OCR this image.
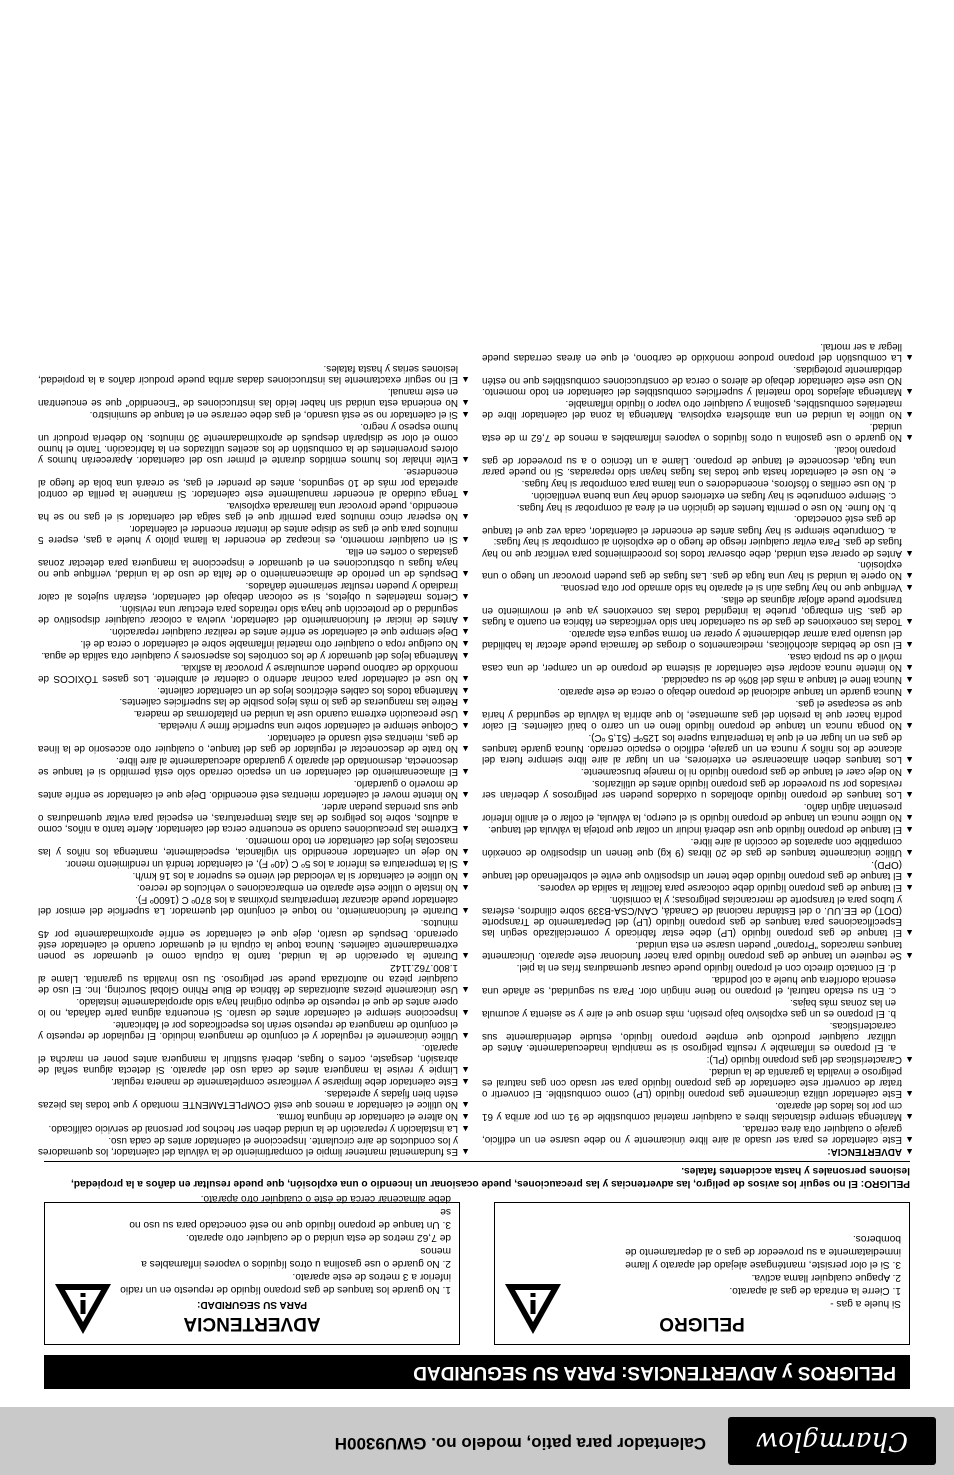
Charmglow
Calentador para patio, modelo no. GWU9300H
PELIGROS y ADVERTENCIAS: PARA SU SEGURIDAD
PELIGRO
Si huele a gas -
1. Cierre la entrada de gas al aparato.
2. Apague cualquier llama activa.
3. Si el olor persiste, manténgase alejado del aparato y llame
inmediatamente a su proveedor de gas o al departamento de
bomberos.
ADVERTENCIA
PARA SU SEGURIDAD:
1. No guarde los tanques de gas propano líquido de repuesto en un radio
inferior a 3 metros de este aparato.
2. No guarde o use gasolina u otros líquidos o vapores inflamables a menos
de 7,62 metros de esta unidad o de cualquier otro aparato.
3. Un tanque de propano líquido que no esté conectado para su uso no se
debe almacenar cerca de éste o cualquier otro aparato.
PELIGRO: El no seguir los avisos de peligro, las advertencias y las precauciones, puede ocasionar un incendio o una explosión, que puede resultar en daños a la propiedad, lesiones personales y hasta accidentes fatales.

▲
ADVERTENCIA:

▲
Este calentador es para ser usado al aire libre únicamente y no debe usarse en un edificio, garaje o cualquier otra área cerrada.

▲
Mantenga siempre distancias libres a cualquier material combustible de 91 cm por arriba y 61 cm por los lados del aparato.

▲
Este calentador utiliza únicamente gas propano líquido (LP) como combustible. El convertir o tratar de convertir este calentador de gas propano líquido para ser usado con gas natural es peligroso e invalida la garantía de la unidad.

▲
Características del gas propano líquido (PL):

a. El propano es inflamable y resulta peligroso si se manipula inadecuadamente. Antes de utilizar cualquier producto que emplee propano líquido, estudie detenidamente sus características.

b. El propano es un gas explosivo bajo presión, más denso que el aire y se asienta y acumula en las zonas más bajas.

c. En su estado natural, el propano no tiene ningún olor. Para su seguridad, se añade una esencia odorífera que huele a col podrida.

d. El contacto directo con el propano líquido puede causar quemaduras frías en la piel.

▲
Se requiere un tanque de gas propano líquido para hacer funcionar este aparato. Únicamente tanques marcados "Propano" pueden usarse en esta unidad.

▲
El tanque de gas propano líquido (LP) debe estar fabricado y comercializado según las Especificaciones para tanques de gas propano líquido (LP) del Departamento de Transporte (DOT) de EE.UU. o del Estándar nacional de Canadá, CAN/CSA-B339 sobre cilindros, esferas y tubos para el transporte de mercancías peligrosas; y la comisión.

▲
El tanque de gas propano líquido debe colocarse para facilitar la salida de vapores.

▲
El tanque de gas propano líquido debe tener un dispositivo que evite el sobrellenado del tanque (OPD).

▲
Utilice únicamente tanques de gas de 20 libras (9 kg) que tienen un dispositivo de conexión compatible con aparatos de cocción al aire libre.

▲
El tanque de propano líquido que use deberá incluir un collar que proteja la válvula del tanque.

▲
No utilice nunca un tanque de propano líquido si el cuerpo, la válvula, el collar o el anillo inferior presentan algún daño.

▲
Los tanques de propano líquido abollados u oxidados pueden ser peligrosos y deberían ser revisados por su proveedor de gas propano líquido antes de utilizarlos.

▲
No deje caer el tanque de gas propano líquido ni lo maneje bruscamente.

▲
Los tanques deben almacenarse en exteriores, en un lugar al aire libre siempre fuera del alcance de los niños y nunca en un garaje, edificio o espacio cerrado. Nunca guarde tanques de gas en un lugar en el que la temperatura supere los 125ºF (51,5 ºC).

▲
No ponga nunca un tanque de propano líquido lleno en un carro o baúl calientes. El calor podría hacer que la presión del gas aumentase, lo que abriría la válvula de seguridad y haría que se escapase el gas.

▲
Nunca guarde un tanque adicional de propano debajo o cerca de este aparato.

▲
Nunca llene el tanque a más del 80% de su capacidad.

▲
No intente nunca acoplar este calentador al sistema de propano de un camper, de una casa móvil o de su propia casa.

▲
El uso de bebidas alcohólicas, medicamentos o drogas de farmacia puede afectar la habilidad del usuario para armar debidamente y operar en forma segura esta aparato.

▲
Todas las conexiones de gas de su calentador han sido verificadas en fábrica en cuanto a fugas de gas. Sin embargo, pruebe la integridad todas las conexiones ya que el movimiento en transporte puede aflojar algunas de ellas.

▲
Verifique que no hay fugas aún si el aparato ha sido armado por otra persona.

▲
No opere la unidad si hay una fuga de gas. Las fugas de gas pueden provocar un fuego o una explosión.

▲
Antes de operar esta unidad, debe observar todos los procedimientos para verificar que no hay fugas de gas. Para evitar cualquier riesgo de fuego o de explosión al comprobar si hay fugas:

a. Compruebe siempre si hay fugas antes de encender el calentador, cada vez que el tanque de gas esté conectado.

b. No fume. No use o permita fuentes de ignición en el área al comprobar si hay fugas.

c. Siempre compruebe si hay fugas en exteriores donde hay una buena ventilación.

d. No use cerillas o fósforos, encendedores o una llama para comprobar si hay fugas.

e. No use el calentador hasta que todas las fugas hayan sido reparadas. Si no puede parar una fuga, desconecte el tanque de propano. Llame a un técnico o a su proveedor de gas propano local.

▲
No guarde o use gasolina u otros líquidos o vapores inflamables a menos de 7,62 m de esta unidad.

▲
No utilice la unidad en una atmósfera explosiva. Mantenga la zona del calentador libre de materiales combustibles, gasolina y cualquier otro vapor o líquido inflamable.

▲
Mantenga alejados todo material y superficies combustibles del calentador en todo momento. NO use este calentador debajo de aleros o cerca de construcciones combustibles que no estén debidamente protegidas.

▲
La combustión del propano produce monóxido de carbono, el que en áreas cerradas puede llegar a ser mortal.

▲
Es fundamental mantener limpio el compartimiento de la válvula del calentador, los quemadores y los conductos de aire circulante. Inspeccione el calentador antes de cada uso.

▲
La instalación y reparación de la unidad deben ser hechos por personal de servicio calificado.

▲
No altere el calentador de ninguna forma.

▲
No utilice el calentador a menos que esté COMPLETAMENTE montado y que todas las piezas estén bien fijadas y apretadas.

▲
Este calentador debe limpiarse y verificarse completamente de manera regular.

▲
Limpie y revise la manguera antes de cada uso del aparato. Si detecta alguna señal de abrasión, desgaste, cortes o fugas, deberá sustituir la manguera antes poner en marcha el aparato.

▲
Utilice únicamente el regulador y el conjunto de manguera incluido. El regulador de repuesto y el conjunto de manguera de repuesto serán los especificados por el fabricante.

▲
Inspeccione siempre el calentador antes de usarlo. Si encuentra alguna parte dañada, no lo opere antes de que el repuesto de equipo original haya sido apropiadamente instalado.

▲
Use únicamente piezas autorizadas de fábrica de Blue Rhino Global Sourcing, Inc. El uso de cualquier pieza no autorizada puede ser peligroso. Su uso invalida su garantía. Llame al 1.800.762.1142

▲
Durante la operación de la unidad, tanto la cúpula como el quemador se ponen extremadamente calientes. Nunca toque la cúpula ni el quemador cuando el calentador esté operando. Después de usarlo, deje que el calentador se enfríe aproximadamente por 45 minutos.

▲
Durante el funcionamiento, no toque el conjunto del quemador. La superficie del emisor del calentador puede alcanzar temperaturas próximas a los 870º C (1600º F).

▲
No instale o utilice este aparato en embarcaciones o vehículos de recreo.

▲
No utilice el calentador si la velocidad del viento es superior a los 16 km/h.

▲
Si la temperatura es inferior a los 5º C (40º F), el calentador tendrá un rendimiento menor.

▲
No deje un calentador encendido sin vigilancia, especialmente, mantenga los niños y las mascotas lejos del calentador en todo momento.

▲
Extreme las precauciones cuando se encuentre cerca del calentador. Alerte tanto a niños, como a adultos, sobre los peligros de las altas temperaturas, en especial para evitar quemaduras o que sus prendas puedan arder.

▲
No intente mover el calentador mientras esté encendido. Deje que el calentador se enfríe antes de moverlo o guardarlo.

▲
El almacenamiento del calentador en un espacio cerrado sólo está permitido si el tanque se desconecta, desmontado del aparato y guardado adecuadamente al aire libre.

▲
No trate de desconectar el regulador de gas del tanque, o cualquier otro accesorio de la línea de gas, mientras esté usando el calentador.

▲
Coloque siempre el calentador sobre una superficie firme y nivelada.

▲
Use precaución extrema cuando use la unidad en plataformas de madera.

▲
Retire las mangueras de gas lo más lejos posible de las superficies calientes.

▲
Mantenga todos los cables eléctricos lejos de un calentador caliente.

▲
No use el calentador para cocinar adentro o calentar el ambiente. Los gases TÓXICOS de monóxido de carbono pueden acumularse y provocar la asfixia.

▲
Mantenga lejos del quemador y de los controles los aspersores y cualquier otra salida de agua.

▲
No cuelgue ropa o cualquier otro material inflamable sobre el calentador o cerca de él.

▲
Deje siempre que el calentador se enfríe antes de realizar cualquier reparación.

▲
Antes de iniciar el funcionamiento del calentador, vuelva a colocar cualquier dispositivo de seguridad o de protección que haya sido retirados para efectuar una revisión.

▲
Ciertos materiales u objetos, si se colocan debajo del calentador, estarán sujetos al calor irradiado y pueden resultar seriamente dañados.

▲
Después de un periodo de almacenamiento o de falta de uso de la unidad, verifique que no haya fugas u obstrucciones en el quemador e inspeccione la manguera para detectar zonas gastadas o cortes en ella.

▲
Si en cualquier momento, es incapaz de encender la llama piloto y huele a gas, espere 5 minutos para que el gas se disipe antes de intentar encender el calentador.

▲
No esperar cinco minutos para permitir que el gas salga del calentador si el gas no se ha encendido, puede provocar una llamarada explosiva.

▲
Tenga cuidado al encender manualmente este calentador. Si mantiene la perilla de control apretada por más de 10 segundos, antes de prender el gas, se creará una bola de fuego al encenderse.

▲
Evite inhalar los humos emitidos durante el primer uso del calentador. Aparecerán humos y olores provenientes de la combustión de los aceites utilizados en la fabricación. Tanto el humo como el olor se disiparán después de aproximadamente 30 minutos. No debería producir un humo espeso y negro.

▲
Si el calentador no se está usando, el gas debe cerrarse en el tanque de suministro.

▲
No encienda esta unidad sin haber leído las instrucciones de "Encendido" que se encuentran en este manual.

▲
El no seguir exactamente las instrucciones dadas arriba puede producir daños a la propiedad, lesiones serias y hasta fatales.
